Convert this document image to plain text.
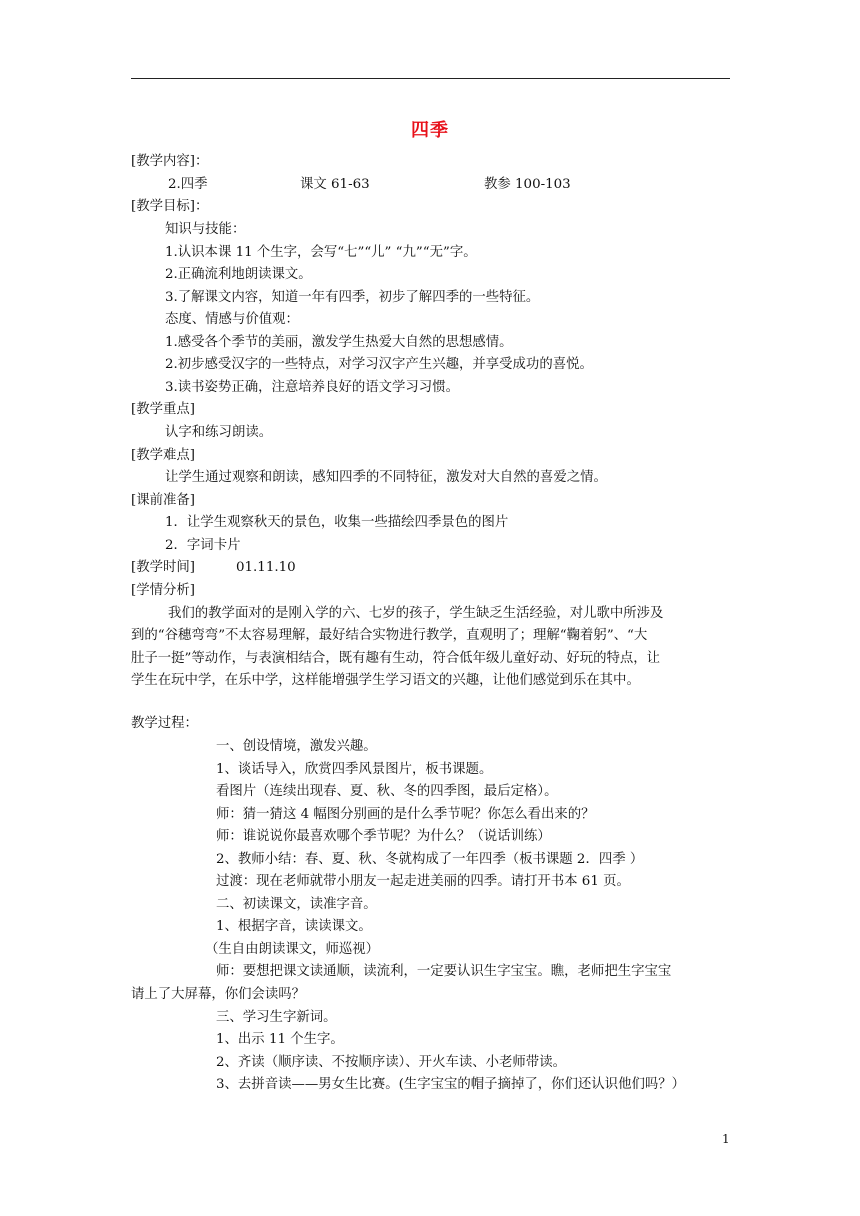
四季
[教学内容]：
2.四季	课文 61-63	教参 100-103
[教学目标]：
知识与技能：
1.认识本课 11 个生字，会写“七”“儿” “九”“无”字。
2.正确流利地朗读课文。
3.了解课文内容，知道一年有四季，初步了解四季的一些特征。
态度、情感与价值观：
1.感受各个季节的美丽，激发学生热爱大自然的思想感情。
2.初步感受汉字的一些特点，对学习汉字产生兴趣，并享受成功的喜悦。
3.读书姿势正确，注意培养良好的语文学习习惯。
[教学重点]
认字和练习朗读。
[教学难点]
让学生通过观察和朗读，感知四季的不同特征，激发对大自然的喜爱之情。
[课前准备]
1．让学生观察秋天的景色，收集一些描绘四季景色的图片
2．字词卡片
[教学时间]	01.11.10
[学情分析]
我们的教学面对的是刚入学的六、七岁的孩子，学生缺乏生活经验，对儿歌中所涉及
到的“谷穗弯弯”不太容易理解，最好结合实物进行教学，直观明了；理解“鞠着躬”、“大
肚子一挺”等动作，与表演相结合，既有趣有生动，符合低年级儿童好动、好玩的特点，让
学生在玩中学，在乐中学，这样能增强学生学习语文的兴趣，让他们感觉到乐在其中。
教学过程：
一、创设情境，激发兴趣。
1、谈话导入，欣赏四季风景图片，板书课题。
看图片（连续出现春、夏、秋、冬的四季图，最后定格）。
师：猜一猜这 4 幅图分别画的是什么季节呢？你怎么看出来的？
师：谁说说你最喜欢哪个季节呢？为什么？（说话训练）
2、教师小结：春、夏、秋、冬就构成了一年四季（板书课题 2．四季 ）
过渡：现在老师就带小朋友一起走进美丽的四季。请打开书本 61 页。
二、初读课文，读准字音。
1、根据字音，读读课文。
（生自由朗读课文，师巡视）
师：要想把课文读通顺，读流利，一定要认识生字宝宝。瞧，老师把生字宝宝
请上了大屏幕，你们会读吗？
三、学习生字新词。
1、出示 11 个生字。
2、齐读（顺序读、不按顺序读）、开火车读、小老师带读。
3、去拼音读——男女生比赛。(生字宝宝的帽子摘掉了，你们还认识他们吗？）
1
